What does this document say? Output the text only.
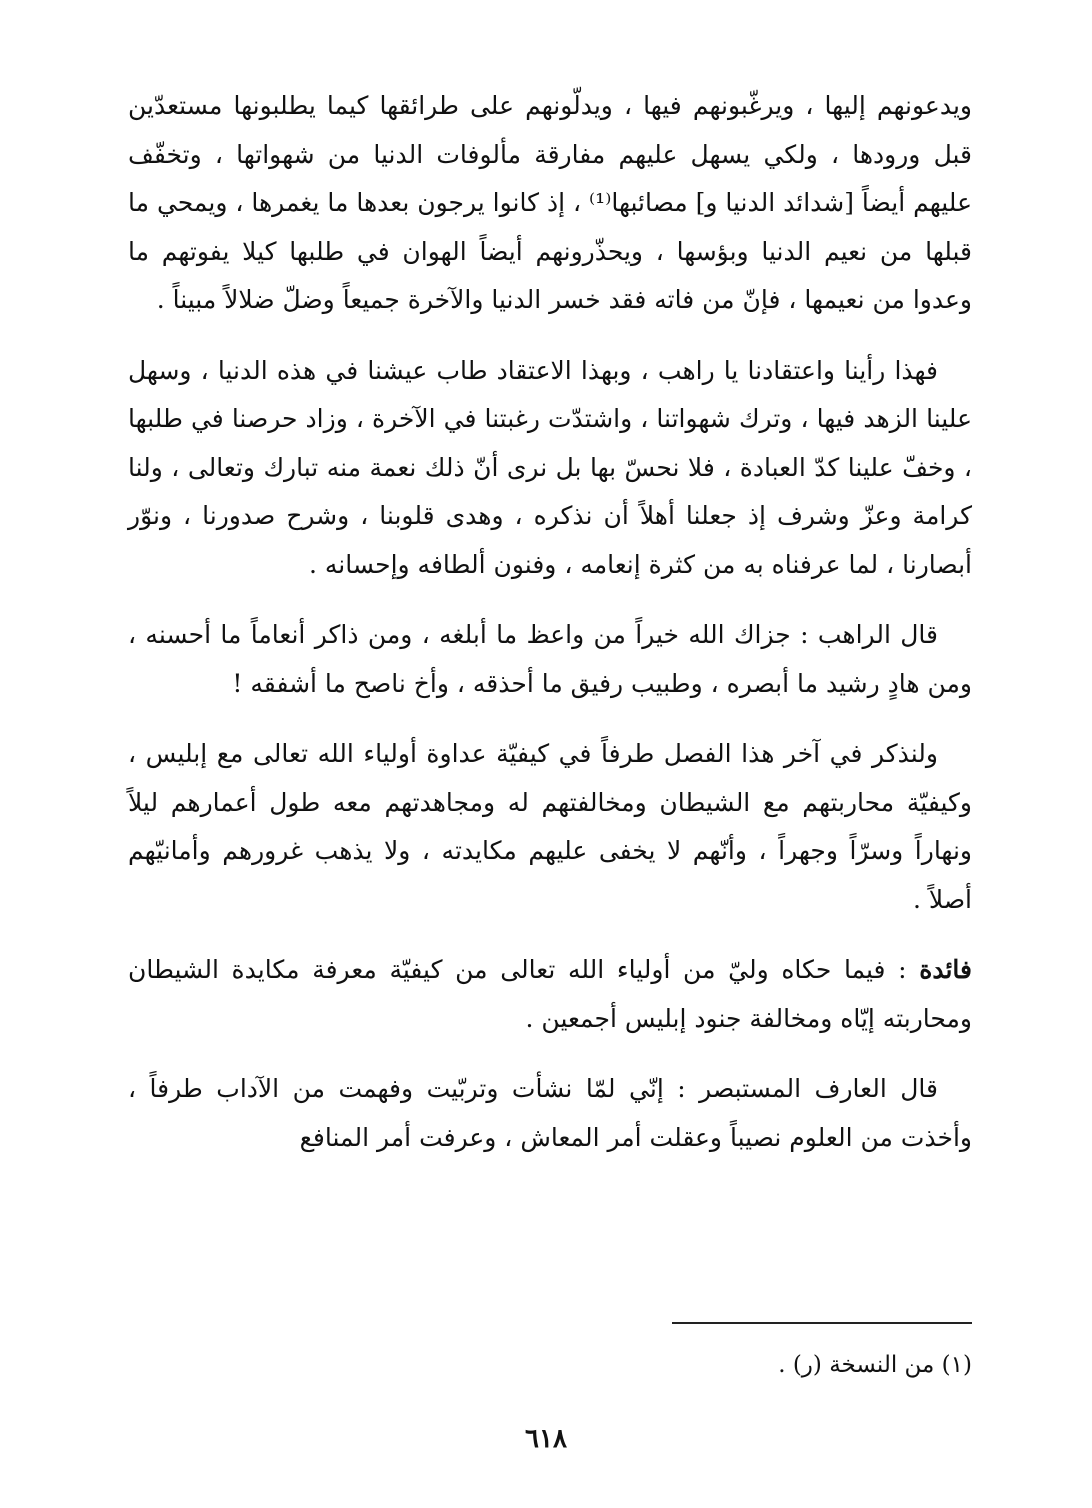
ويدعونهم إليها ، ويرغّبونهم فيها ، ويدلّونهم على طرائقها كيما يطلبونها مستعدّين قبل ورودها ، ولكي يسهل عليهم مفارقة مألوفات الدنيا من شهواتها ، وتخفّف عليهم أيضاً [شدائد الدنيا و] مصائبها⁽¹⁾ ، إذ كانوا يرجون بعدها ما يغمرها ، ويمحي ما قبلها من نعيم الدنيا وبؤسها ، ويحذّرونهم أيضاً الهوان في طلبها كيلا يفوتهم ما وعدوا من نعيمها ، فإنّ من فاته فقد خسر الدنيا والآخرة جميعاً وضلّ ضلالاً مبيناً .

فهذا رأينا واعتقادنا يا راهب ، وبهذا الاعتقاد طاب عيشنا في هذه الدنيا ، وسهل علينا الزهد فيها ، وترك شهواتنا ، واشتدّت رغبتنا في الآخرة ، وزاد حرصنا في طلبها ، وخفّ علينا كدّ العبادة ، فلا نحسّ بها بل نرى أنّ ذلك نعمة منه تبارك وتعالى ، ولنا كرامة وعزّ وشرف إذ جعلنا أهلاً أن نذكره ، وهدى قلوبنا ، وشرح صدورنا ، ونوّر أبصارنا ، لما عرفناه به من كثرة إنعامه ، وفنون ألطافه وإحسانه .

قال الراهب : جزاك الله خيراً من واعظ ما أبلغه ، ومن ذاكر أنعاماً ما أحسنه ، ومن هادٍ رشيد ما أبصره ، وطبيب رفيق ما أحذقه ، وأخ ناصح ما أشفقه !

ولنذكر في آخر هذا الفصل طرفاً في كيفيّة عداوة أولياء الله تعالى مع إبليس ، وكيفيّة محاربتهم مع الشيطان ومخالفتهم له ومجاهدتهم معه طول أعمارهم ليلاً ونهاراً وسرّاً وجهراً ، وأنّهم لا يخفى عليهم مكايدته ، ولا يذهب غرورهم وأمانيّهم أصلاً .

فائدة : فيما حكاه وليّ من أولياء الله تعالى من كيفيّة معرفة مكايدة الشيطان ومحاربته إيّاه ومخالفة جنود إبليس أجمعين .

قال العارف المستبصر : إنّي لمّا نشأت وتربّيت وفهمت من الآداب طرفاً ، وأخذت من العلوم نصيباً وعقلت أمر المعاش ، وعرفت أمر المنافع

(١) من النسخة (ر) .
٦١٨
